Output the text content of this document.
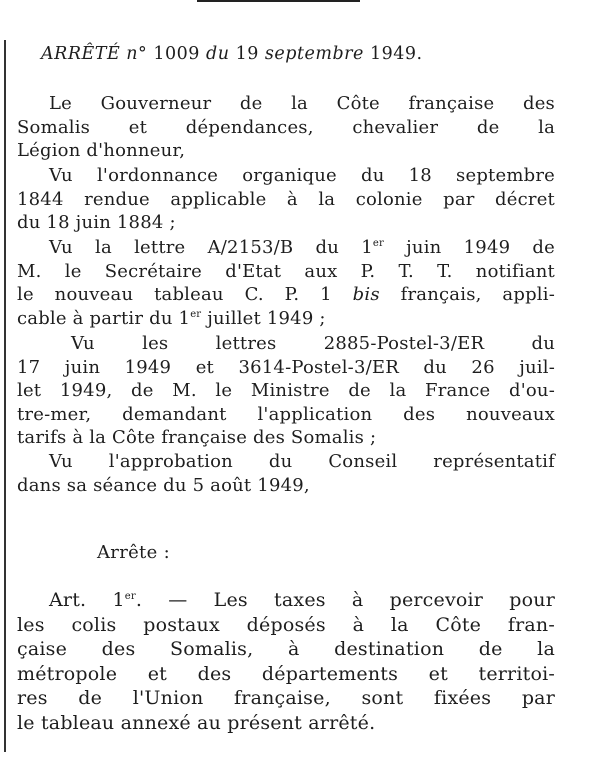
ARRÊTÉ n° 1009 du 19 septembre 1949.
Le Gouverneur de la Côte française des
Somalis et dépendances, chevalier de la
Légion d'honneur,
Vu l'ordonnance organique du 18 septembre
1844 rendue applicable à la colonie par décret
du 18 juin 1884 ;
Vu la lettre A/2153/B du 1er juin 1949 de
M. le Secrétaire d'Etat aux P. T. T. notifiant
le nouveau tableau C. P. 1 bis français, appli-
cable à partir du 1er juillet 1949 ;
Vu les lettres 2885-Postel-3/ER du
17 juin 1949 et 3614-Postel-3/ER du 26 juil-
let 1949, de M. le Ministre de la France d'ou-
tre-mer, demandant l'application des nouveaux
tarifs à la Côte française des Somalis ;
Vu l'approbation du Conseil représentatif
dans sa séance du 5 août 1949,
Arrête :
Art. 1er. — Les taxes à percevoir pour
les colis postaux déposés à la Côte fran-
çaise des Somalis, à destination de la
métropole et des départements et territoi-
res de l'Union française, sont fixées par
le tableau annexé au présent arrêté.
